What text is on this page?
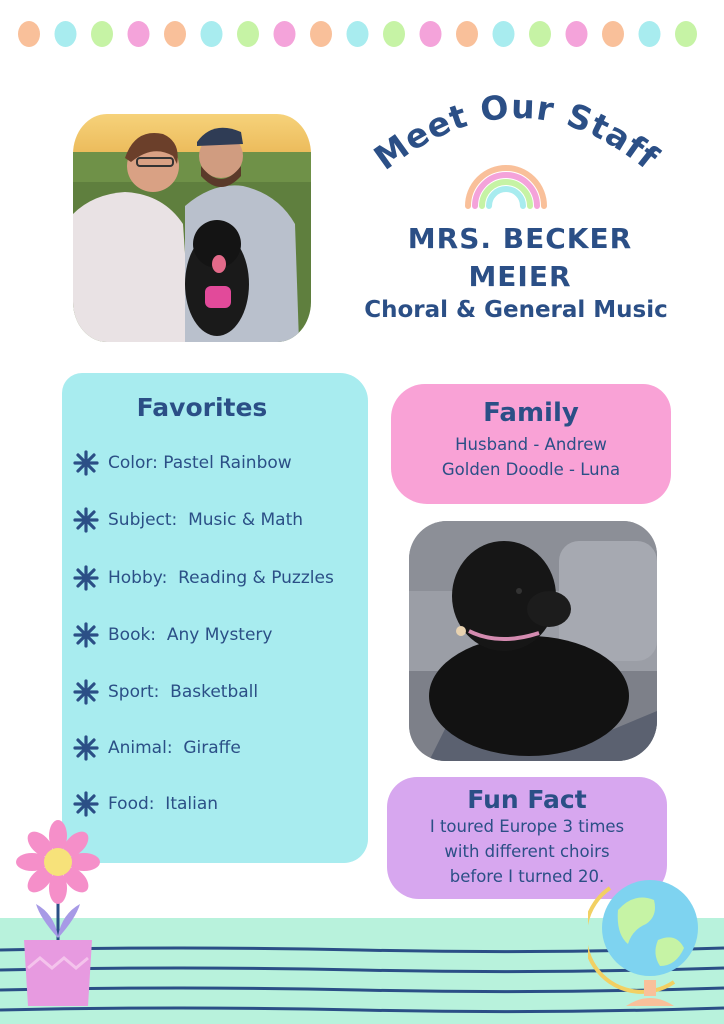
Meet Our Staff
MRS. BECKER
MEIER
Choral & General Music
Favorites
Color: Pastel Rainbow
Subject:  Music & Math
Hobby:  Reading & Puzzles
Book:  Any Mystery
Sport:  Basketball
Animal:  Giraffe
Food:  Italian
Family
Husband - Andrew
Golden Doodle - Luna
Fun Fact
I toured Europe 3 times
with different choirs
before I turned 20.
